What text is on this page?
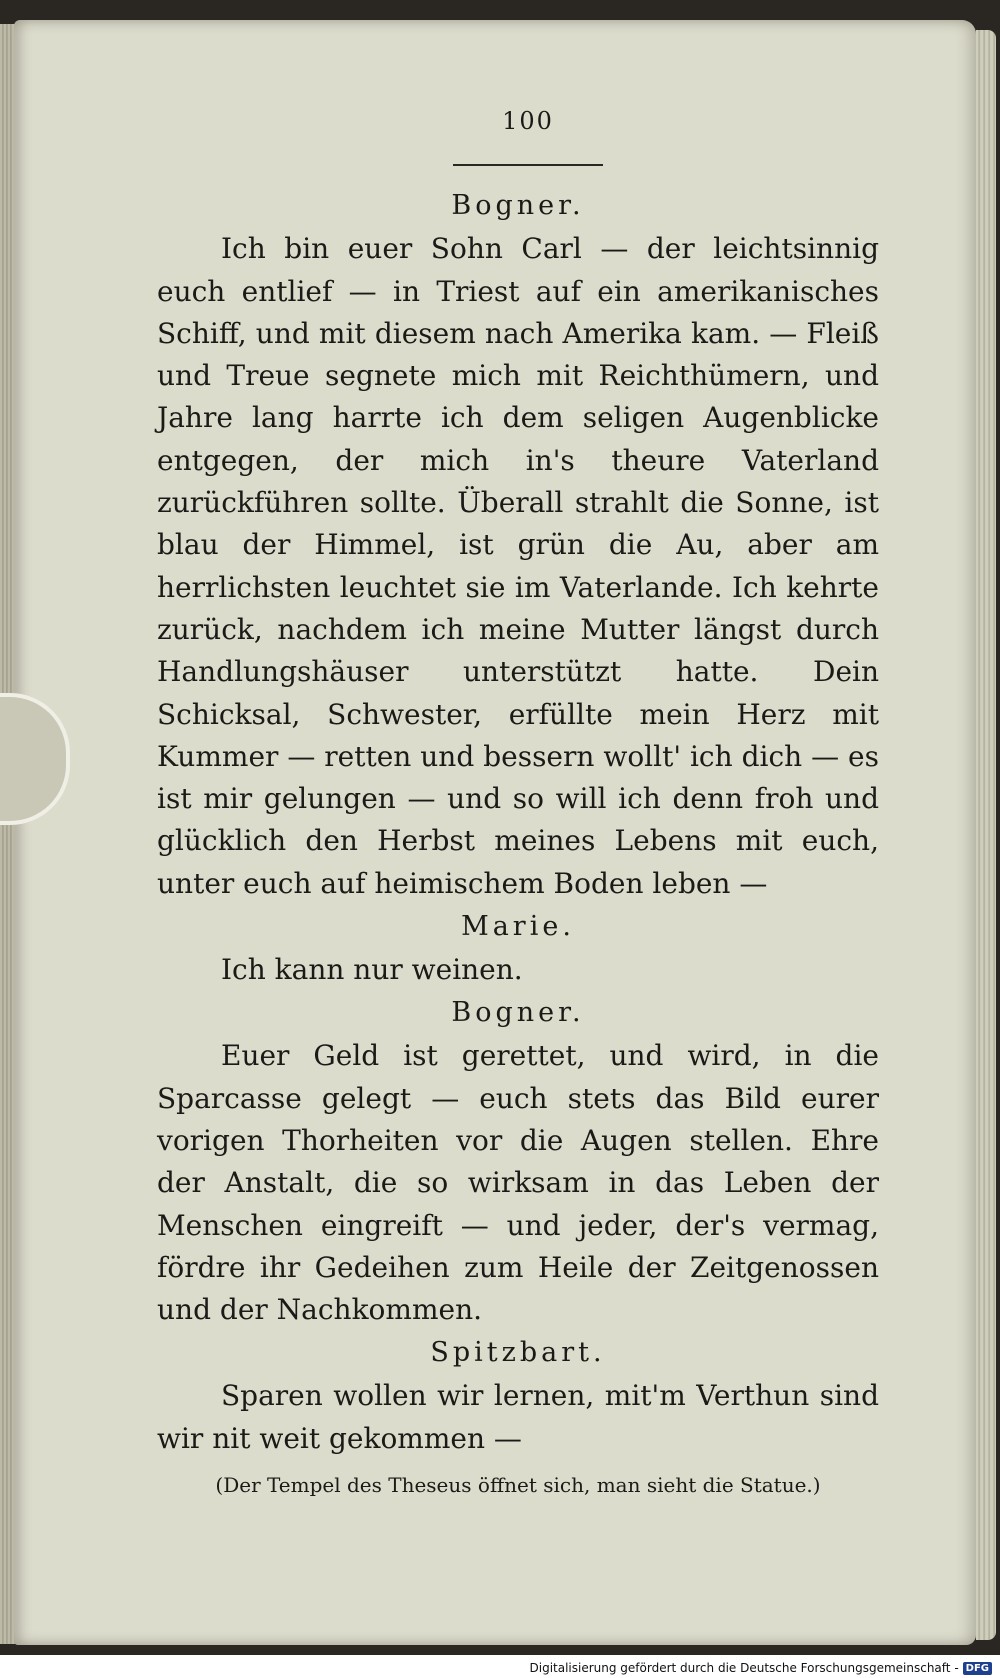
100
Bogner.

Ich bin euer Sohn Carl — der leichtsinnig euch entlief — in Triest auf ein amerikanisches Schiff, und mit diesem nach Amerika kam. — Fleiß und Treue segnete mich mit Reichthümern, und Jahre lang harrte ich dem seligen Augenblicke entgegen, der mich in's theure Vaterland zurückführen sollte. Überall strahlt die Sonne, ist blau der Himmel, ist grün die Au, aber am herrlichsten leuchtet sie im Vaterlande. Ich kehrte zurück, nachdem ich meine Mutter längst durch Handlungshäuser unterstützt hatte. Dein Schicksal, Schwester, erfüllte mein Herz mit Kummer — retten und bessern wollt' ich dich — es ist mir gelungen — und so will ich denn froh und glücklich den Herbst meines Lebens mit euch, unter euch auf heimischem Boden leben —

Marie.

Ich kann nur weinen.

Bogner.

Euer Geld ist gerettet, und wird, in die Sparcasse gelegt — euch stets das Bild eurer vorigen Thorheiten vor die Augen stellen. Ehre der Anstalt, die so wirksam in das Leben der Menschen eingreift — und jeder, der's vermag, fördre ihr Gedeihen zum Heile der Zeitgenossen und der Nachkommen.

Spitzbart.

Sparen wollen wir lernen, mit'm Verthun sind wir nit weit gekommen —

(Der Tempel des Theseus öffnet sich, man sieht die Statue.)
Digitalisierung gefördert durch die Deutsche Forschungsgemeinschaft - DFG
